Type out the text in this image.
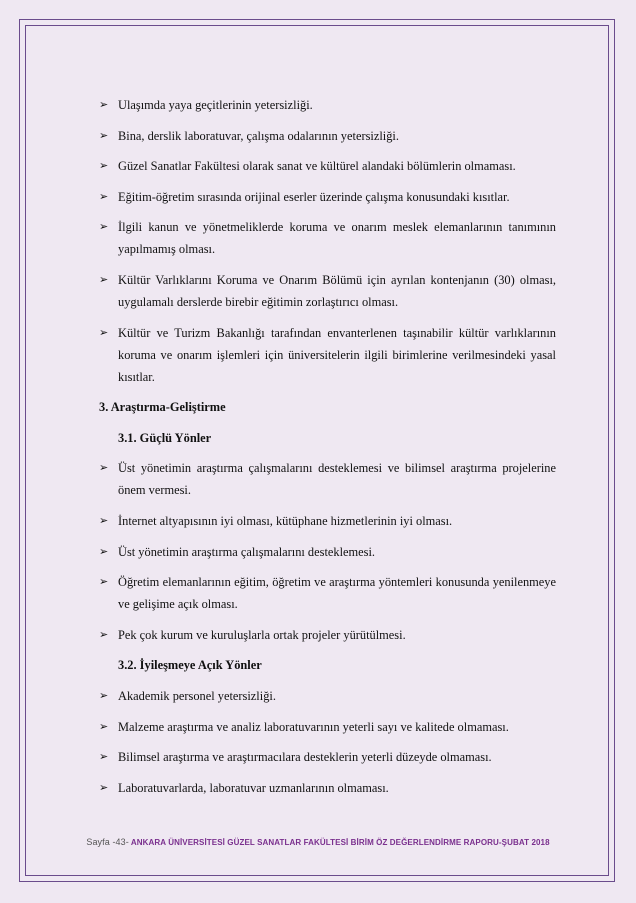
➢ Ulaşımda yaya geçitlerinin yetersizliği.
➢ Bina, derslik laboratuvar, çalışma odalarının yetersizliği.
➢ Güzel Sanatlar Fakültesi olarak sanat ve kültürel alandaki bölümlerin olmaması.
➢ Eğitim-öğretim sırasında orijinal eserler üzerinde çalışma konusundaki kısıtlar.
➢ İlgili kanun ve yönetmeliklerde koruma ve onarım meslek elemanlarının tanımının yapılmamış olması.
➢ Kültür Varlıklarını Koruma ve Onarım Bölümü için ayrılan kontenjanın (30) olması, uygulamalı derslerde birebir eğitimin zorlaştırıcı olması.
➢ Kültür ve Turizm Bakanlığı tarafından envanterlenen taşınabilir kültür varlıklarının koruma ve onarım işlemleri için üniversitelerin ilgili birimlerine verilmesindeki yasal kısıtlar.
3. Araştırma-Geliştirme
3.1. Güçlü Yönler
➢ Üst yönetimin araştırma çalışmalarını desteklemesi ve bilimsel araştırma projelerine önem vermesi.
➢ İnternet altyapısının iyi olması, kütüphane hizmetlerinin iyi olması.
➢ Üst yönetimin araştırma çalışmalarını desteklemesi.
➢ Öğretim elemanlarının eğitim, öğretim ve araştırma yöntemleri konusunda yenilenmeye ve gelişime açık olması.
➢ Pek çok kurum ve kuruluşlarla ortak projeler yürütülmesi.
3.2. İyileşmeye Açık Yönler
➢ Akademik personel yetersizliği.
➢ Malzeme araştırma ve analiz laboratuvarının yeterli sayı ve kalitede olmaması.
➢ Bilimsel araştırma ve araştırmacılara desteklerin yeterli düzeyde olmaması.
➢ Laboratuvarlarda, laboratuvar uzmanlarının olmaması.
Sayfa -43- ANKARA ÜNİVERSİTESİ GÜZEL SANATLAR FAKÜLTESİ BİRİM ÖZ DEĞERLENDİRME RAPORU-ŞUBAT 2018
